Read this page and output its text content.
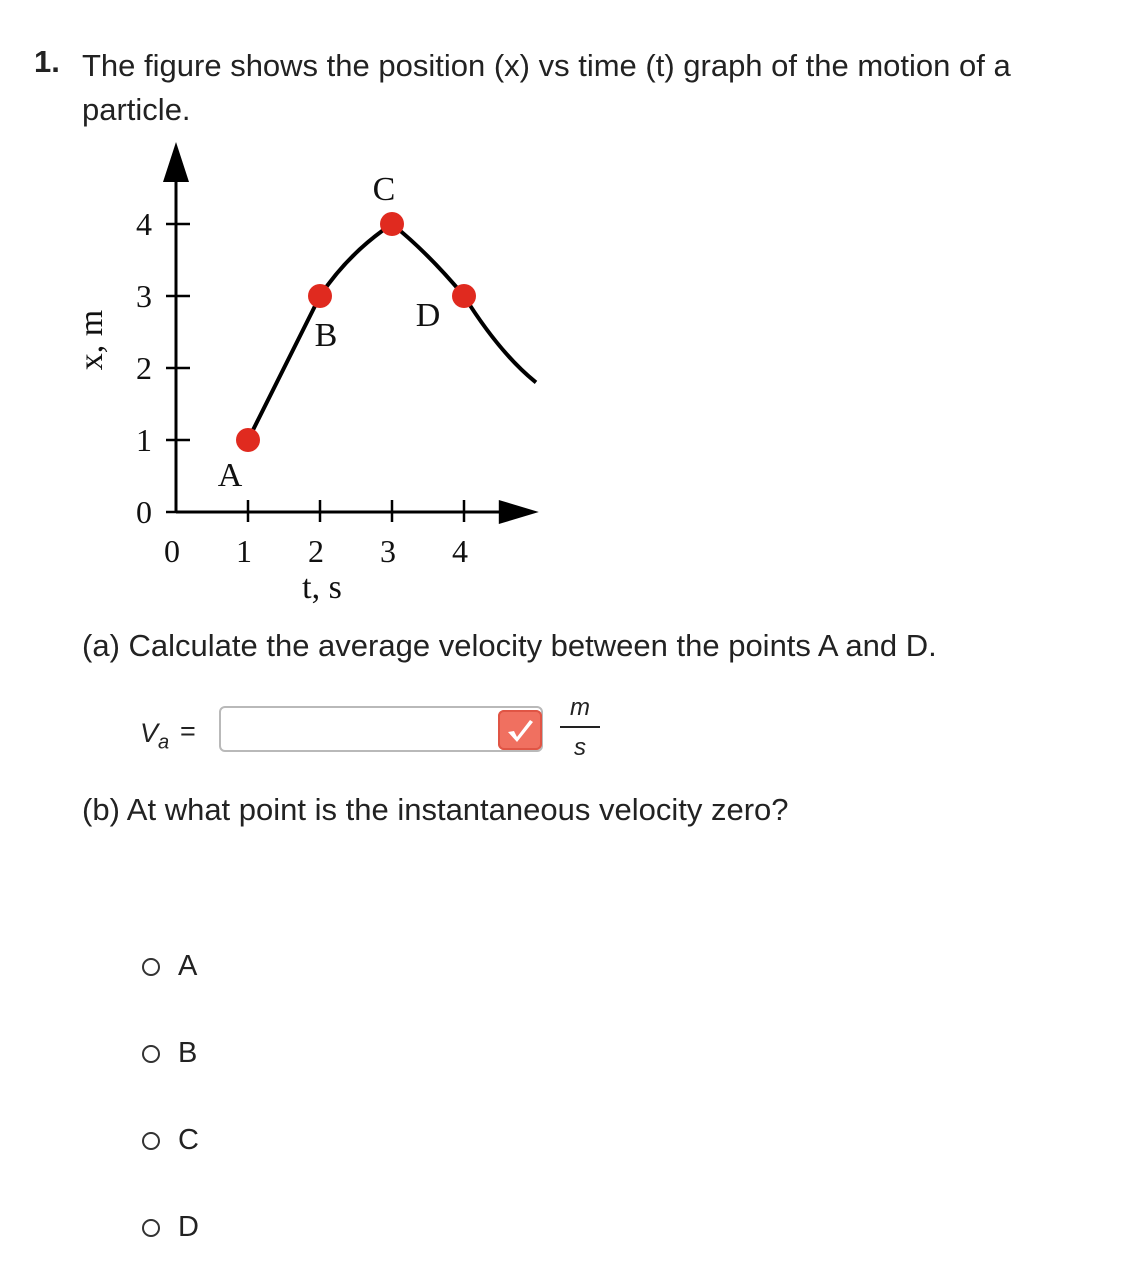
1. The figure shows the position (x) vs time (t) graph of the motion of a particle.
0
1
2
3
4
0 1 2 3 4
A
B
C
D
t, s
x, m
(a) Calculate the average velocity between the points A and D.
$V_a$ =
m
s
(b) At what point is the instantaneous velocity zero?
A
B
C
D
